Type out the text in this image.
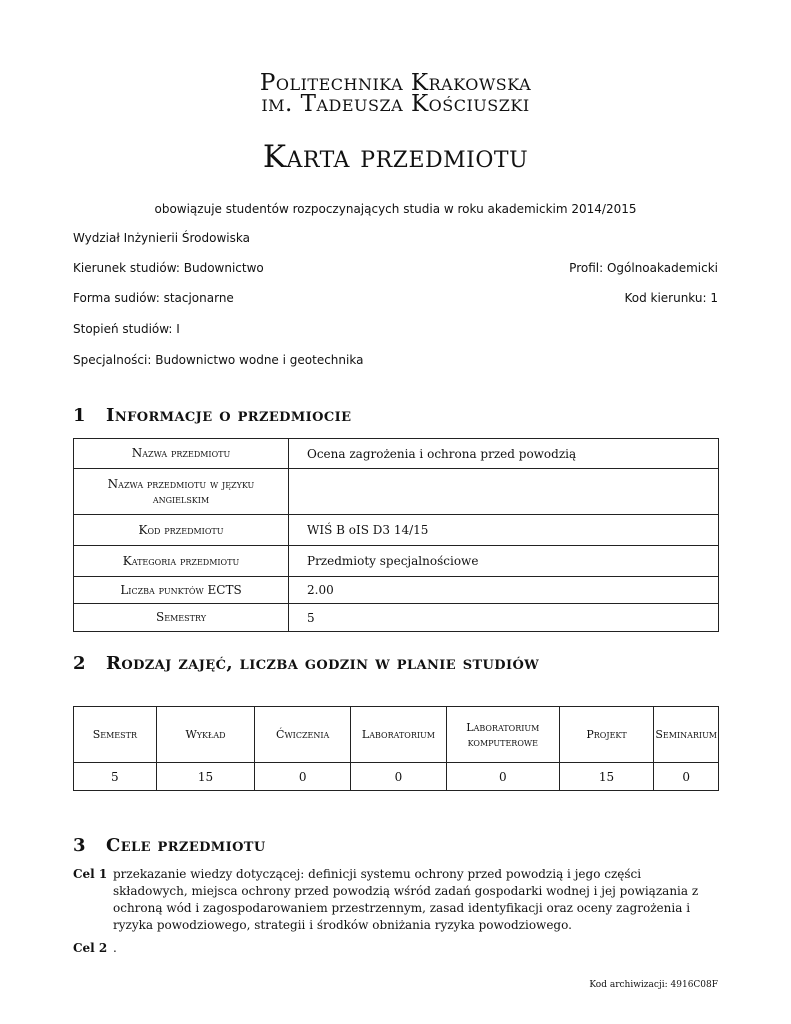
Politechnika Krakowska
im. Tadeusza Kościuszki
Karta przedmiotu
obowiązuje studentów rozpoczynających studia w roku akademickim 2014/2015
Wydział Inżynierii Środowiska
Kierunek studiów: Budownictwo	Profil: Ogólnoakademicki
Forma sudiów: stacjonarne	Kod kierunku: 1
Stopień studiów: I
Specjalności: Budownictwo wodne i geotechnika
1 Informacje o przedmiocie
Nazwa przedmiotu	Ocena zagrożenia i ochrona przed powodzią
Nazwa przedmiotu w języku angielskim	
Kod przedmiotu	WIŚ B oIS D3 14/15
Kategoria przedmiotu	Przedmioty specjalnościowe
Liczba punktów ECTS	2.00
Semestry	5
2 Rodzaj zajęć, liczba godzin w planie studiów
Semestr	Wykład	Ćwiczenia	Laboratorium	Laboratorium komputerowe	Projekt	Seminarium
5	15	0	0	0	15	0
3 Cele przedmiotu
Cel 1 przekazanie wiedzy dotyczącej: definicji systemu ochrony przed powodzią i jego części składowych, miejsca ochrony przed powodzią wśród zadań gospodarki wodnej i jej powiązania z ochroną wód i zagospodarowaniem przestrzennym, zasad identyfikacji oraz oceny zagrożenia i ryzyka powodziowego, strategii i środków obniżania ryzyka powodziowego.
Cel 2 .
Kod archiwizacji: 4916C08F
